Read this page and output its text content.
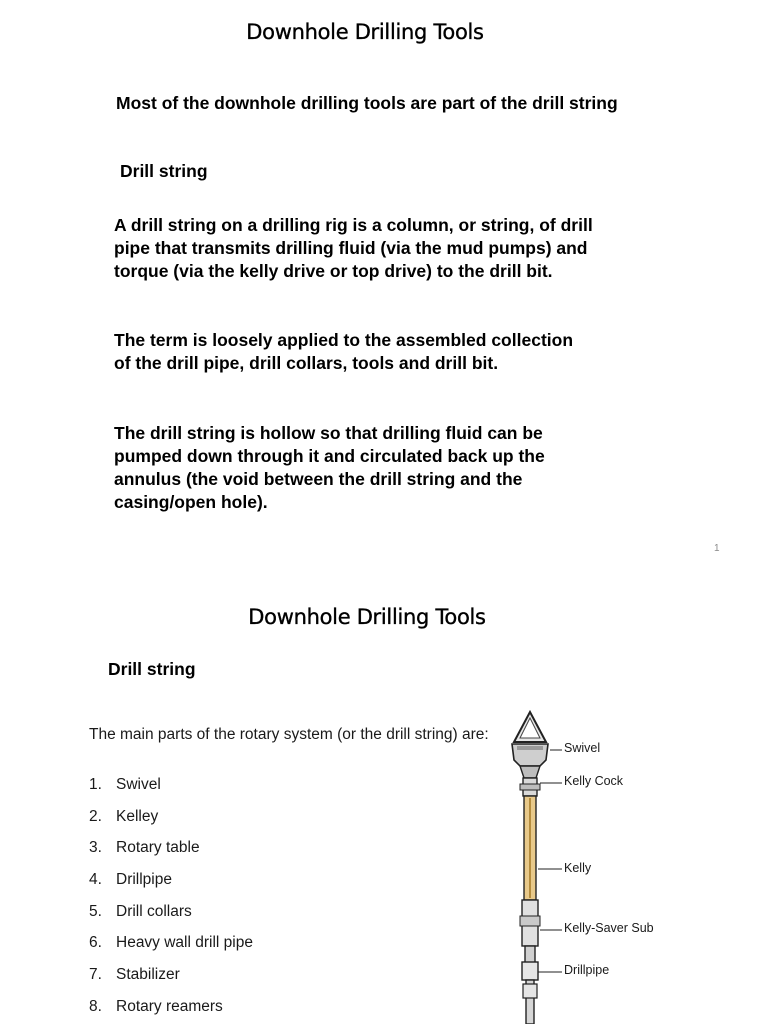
Downhole Drilling Tools
Most of the downhole drilling tools are part of the drill string
Drill string
A drill string on a drilling rig is a column, or string, of drill pipe that transmits drilling fluid (via the mud pumps) and torque (via the kelly drive or top drive) to the drill bit.
The term is loosely applied to the assembled collection of the drill pipe, drill collars, tools and drill bit.
The drill string is hollow so that drilling fluid can be pumped down through it and circulated back up the annulus (the void between the drill string and the casing/open hole).
1
Downhole Drilling Tools
Drill string
The main parts of the rotary system (or the drill string) are:
1. Swivel
2. Kelley
3. Rotary table
4. Drillpipe
5. Drill collars
6. Heavy wall drill pipe
7. Stabilizer
8. Rotary reamers
Swivel
Kelly Cock
Kelly
Kelly-Saver Sub
Drillpipe
